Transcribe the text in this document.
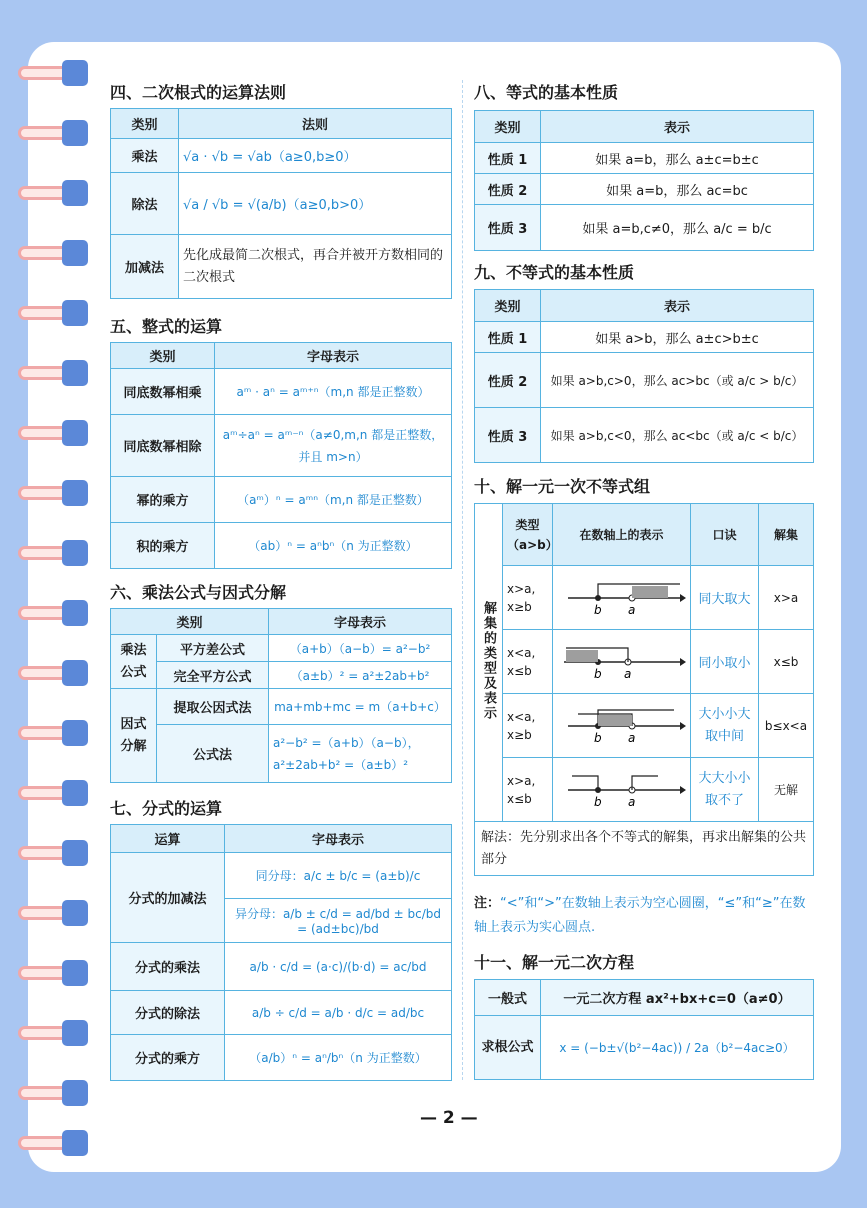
四、二次根式的运算法则
类别	法则
乘法	√a · √b = √ab（a≥0,b≥0）
除法	√a / √b = √(a/b)（a≥0,b>0）
加减法	先化成最简二次根式，再合并被开方数相同的二次根式
五、整式的运算
类别	字母表示
同底数幂相乘	aᵐ · aⁿ = aᵐ⁺ⁿ（m,n 都是正整数）
同底数幂相除	aᵐ÷aⁿ = aᵐ⁻ⁿ（a≠0,m,n 都是正整数，并且 m>n）
幂的乘方	（aᵐ）ⁿ = aᵐⁿ（m,n 都是正整数）
积的乘方	（ab）ⁿ = aⁿbⁿ（n 为正整数）
六、乘法公式与因式分解
类别		字母表示
乘法公式	平方差公式	（a+b）（a−b）= a²−b²
	完全平方公式	（a±b）² = a²±2ab+b²
因式分解	提取公因式法	ma+mb+mc = m（a+b+c）
	公式法	a²−b² =（a+b）（a−b），a²±2ab+b² =（a±b）²
七、分式的运算
运算	字母表示
分式的加减法	同分母：a/c ± b/c = (a±b)/c
	异分母：a/b ± c/d = ad/bd ± bc/bd = (ad±bc)/bd
分式的乘法	a/b · c/d = (a·c)/(b·d) = ac/bd
分式的除法	a/b ÷ c/d = a/b · d/c = ad/bc
分式的乘方	（a/b）ⁿ = aⁿ/bⁿ（n 为正整数）
八、等式的基本性质
类别	表示
性质 1	如果 a=b，那么 a±c=b±c
性质 2	如果 a=b，那么 ac=bc
性质 3	如果 a=b,c≠0，那么 a/c = b/c
九、不等式的基本性质
类别	表示
性质 1	如果 a>b，那么 a±c>b±c
性质 2	如果 a>b,c>0，那么 ac>bc（或 a/c > b/c）
性质 3	如果 a>b,c<0，那么 ac<bc（或 a/c < b/c）
十、解一元一次不等式组
解集的类型及表示	类型（a>b）	在数轴上的表示	口诀	解集
	x>a, x≥b	b a	同大取大	x>a
	x<a, x≤b	b a	同小取小	x≤b
	x<a, x≥b	b a	大小小大取中间	b≤x<a
	x>a, x≤b	b a	大大小小取不了	无解
解法：先分别求出各个不等式的解集，再求出解集的公共部分				
注：“<”和“>”在数轴上表示为空心圆圈，“≤”和“≥”在数轴上表示为实心圆点.
十一、解一元二次方程
一般式	一元二次方程 ax²+bx+c=0（a≠0）
求根公式	x = (−b±√(b²−4ac)) / 2a（b²−4ac≥0）
— 2 —
